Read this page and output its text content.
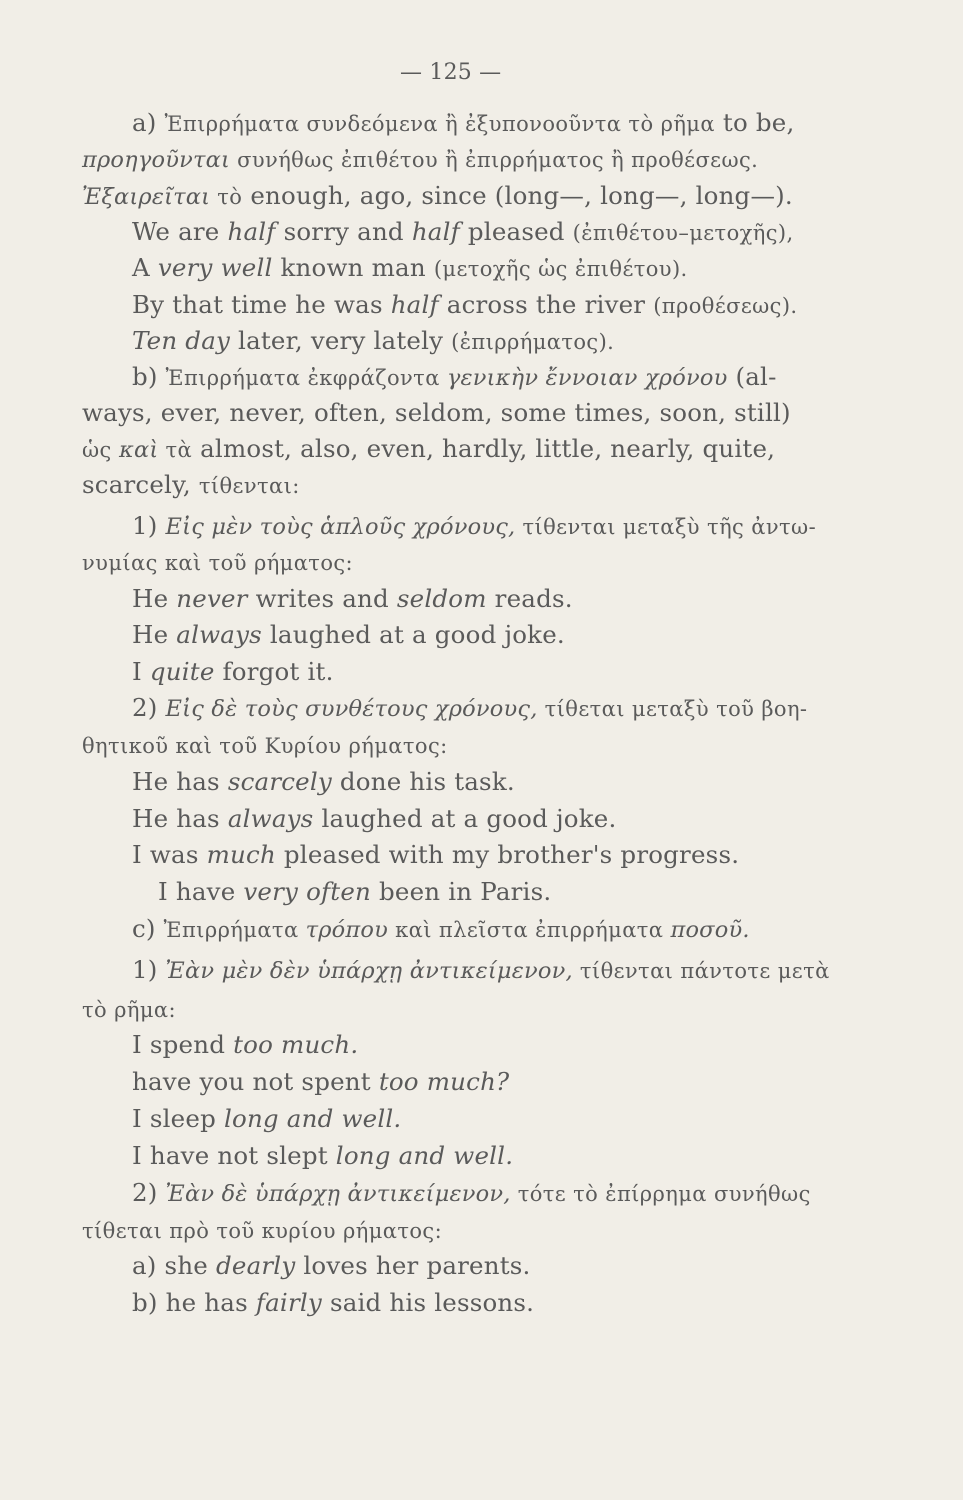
— 125 —
a) Ἐπιρρήματα συνδεόμενα ἢ ἐξυπονοοῦντα τὸ ρῆμα to be,
προηγοῦνται συνήθως ἐπιθέτου ἢ ἐπιρρήματος ἢ προθέσεως.
Ἐξαιρεῖται τὸ enough, ago, since (long—, long—, long—).
We are half sorry and half pleased (ἐπιθέτου–μετοχῆς),
A very well known man (μετοχῆς ὡς ἐπιθέτου).
By that time he was half across the river (προθέσεως).
Ten day later, very lately (ἐπιρρήματος).
b) Ἐπιρρήματα ἐκφράζοντα γενικὴν ἔννοιαν χρόνου (al-
ways, ever, never, often, seldom, some times, soon, still)
ὡς καὶ τὰ almost, also, even, hardly, little, nearly, quite,
scarcely, τίθενται:
1) Εἰς μὲν τοὺς ἁπλοῦς χρόνους, τίθενται μεταξὺ τῆς ἀντω-
νυμίας καὶ τοῦ ρήματος:
He never writes and seldom reads.
He always laughed at a good joke.
I quite forgot it.
2) Εἰς δὲ τοὺς συνθέτους χρόνους, τίθεται μεταξὺ τοῦ βοη-
θητικοῦ καὶ τοῦ Κυρίου ρήματος:
He has scarcely done his task.
He has always laughed at a good joke.
I was much pleased with my brother's progress.
I have very often been in Paris.
c) Ἐπιρρήματα τρόπου καὶ πλεῖστα ἐπιρρήματα ποσοῦ.
1) Ἐὰν μὲν δὲν ὑπάρχῃ ἀντικείμενον, τίθενται πάντοτε μετὰ
τὸ ρῆμα:
I spend too much.
have you not spent too much?
I sleep long and well.
I have not slept long and well.
2) Ἐὰν δὲ ὑπάρχῃ ἀντικείμενον, τότε τὸ ἐπίρρημα συνήθως
τίθεται πρὸ τοῦ κυρίου ρήματος:
a) she dearly loves her parents.
b) he has fairly said his lessons.
